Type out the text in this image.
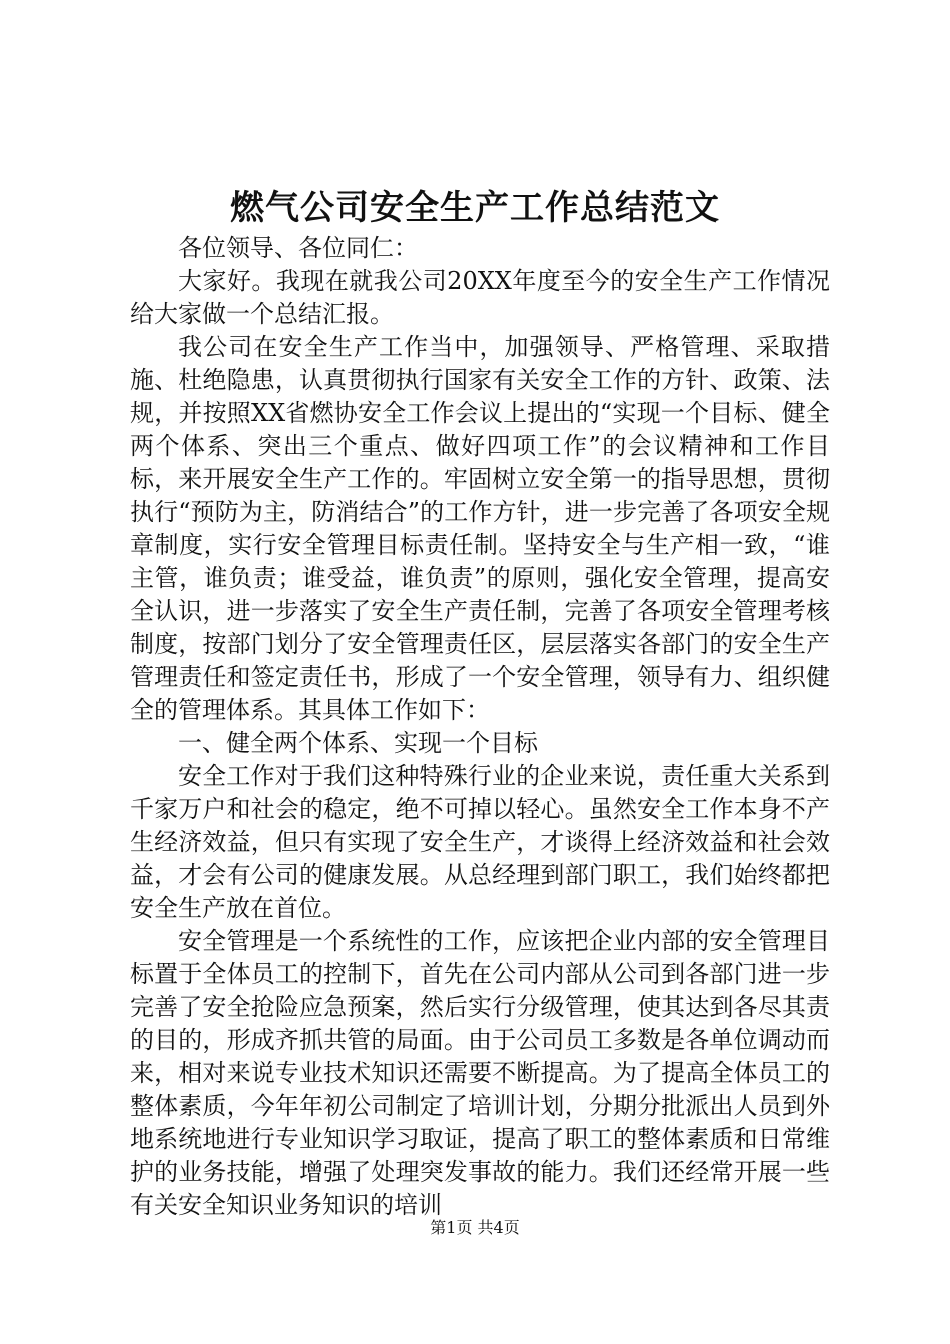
燃气公司安全生产工作总结范文

各位领导、各位同仁：

大家好。我现在就我公司20XX年度至今的安全生产工作情况给大家做一个总结汇报。

我公司在安全生产工作当中，加强领导、严格管理、采取措施、杜绝隐患，认真贯彻执行国家有关安全工作的方针、政策、法规，并按照XX省燃协安全工作会议上提出的“实现一个目标、健全两个体系、突出三个重点、做好四项工作”的会议精神和工作目标，来开展安全生产工作的。牢固树立安全第一的指导思想，贯彻执行“预防为主，防消结合”的工作方针，进一步完善了各项安全规章制度，实行安全管理目标责任制。坚持安全与生产相一致，“谁主管，谁负责；谁受益，谁负责”的原则，强化安全管理，提高安全认识，进一步落实了安全生产责任制，完善了各项安全管理考核制度，按部门划分了安全管理责任区，层层落实各部门的安全生产管理责任和签定责任书，形成了一个安全管理，领导有力、组织健全的管理体系。其具体工作如下：

一、健全两个体系、实现一个目标

安全工作对于我们这种特殊行业的企业来说，责任重大关系到千家万户和社会的稳定，绝不可掉以轻心。虽然安全工作本身不产生经济效益，但只有实现了安全生产，才谈得上经济效益和社会效益，才会有公司的健康发展。从总经理到部门职工，我们始终都把安全生产放在首位。

安全管理是一个系统性的工作，应该把企业内部的安全管理目标置于全体员工的控制下，首先在公司内部从公司到各部门进一步完善了安全抢险应急预案，然后实行分级管理，使其达到各尽其责的目的，形成齐抓共管的局面。由于公司员工多数是各单位调动而来，相对来说专业技术知识还需要不断提高。为了提高全体员工的整体素质，今年年初公司制定了培训计划，分期分批派出人员到外地系统地进行专业知识学习取证，提高了职工的整体素质和日常维护的业务技能，增强了处理突发事故的能力。我们还经常开展一些有关安全知识业务知识的培训

第1页 共4页
